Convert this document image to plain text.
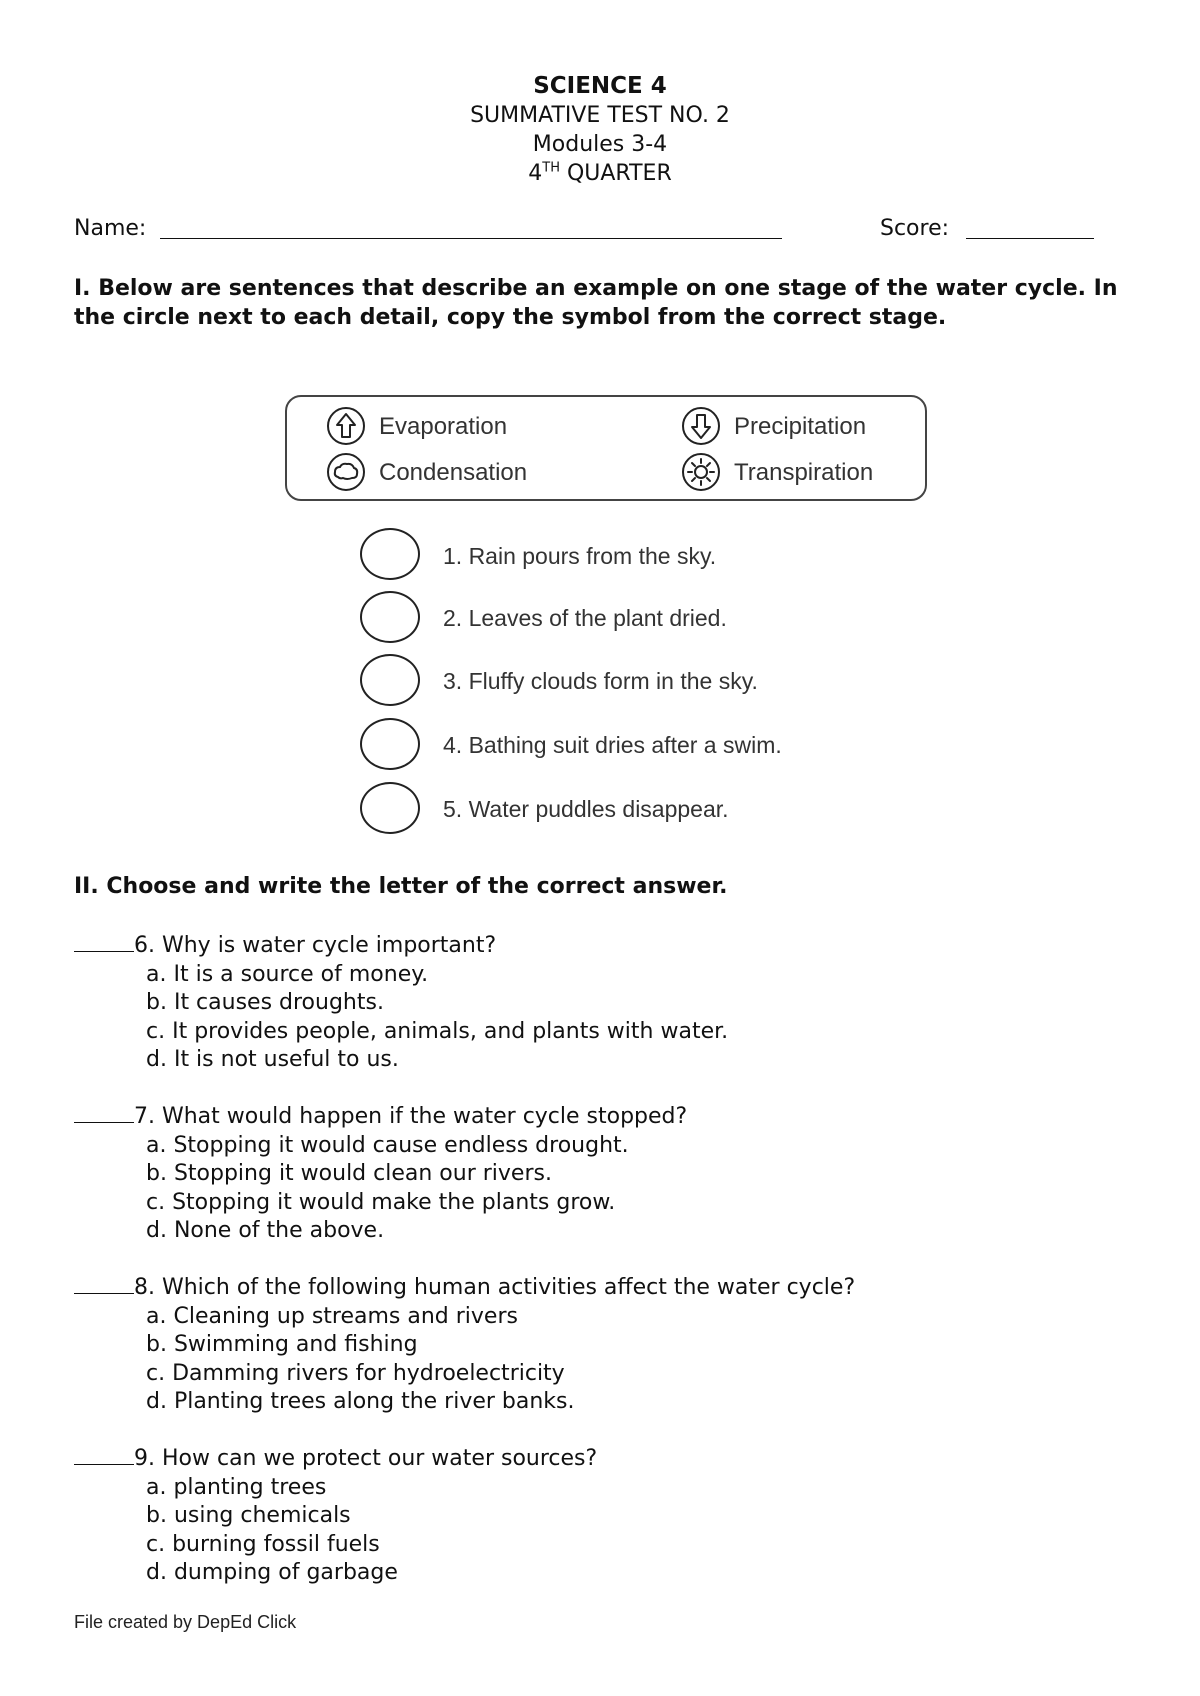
SCIENCE 4
SUMMATIVE TEST NO. 2
Modules 3-4
4TH QUARTER
Name:	Score:
I. Below are sentences that describe an example on one stage of the water cycle. In the circle next to each detail, copy the symbol from the correct stage.
Evaporation	Precipitation
Condensation	Transpiration
1. Rain pours from the sky.
2. Leaves of the plant dried.
3. Fluffy clouds form in the sky.
4. Bathing suit dries after a swim.
5. Water puddles disappear.
II. Choose and write the letter of the correct answer.
6. Why is water cycle important?
a. It is a source of money.
b. It causes droughts.
c. It provides people, animals, and plants with water.
d. It is not useful to us.
7. What would happen if the water cycle stopped?
a. Stopping it would cause endless drought.
b. Stopping it would clean our rivers.
c. Stopping it would make the plants grow.
d. None of the above.
8. Which of the following human activities affect the water cycle?
a. Cleaning up streams and rivers
b. Swimming and fishing
c. Damming rivers for hydroelectricity
d. Planting trees along the river banks.
9. How can we protect our water sources?
a. planting trees
b. using chemicals
c. burning fossil fuels
d. dumping of garbage
File created by DepEd Click
